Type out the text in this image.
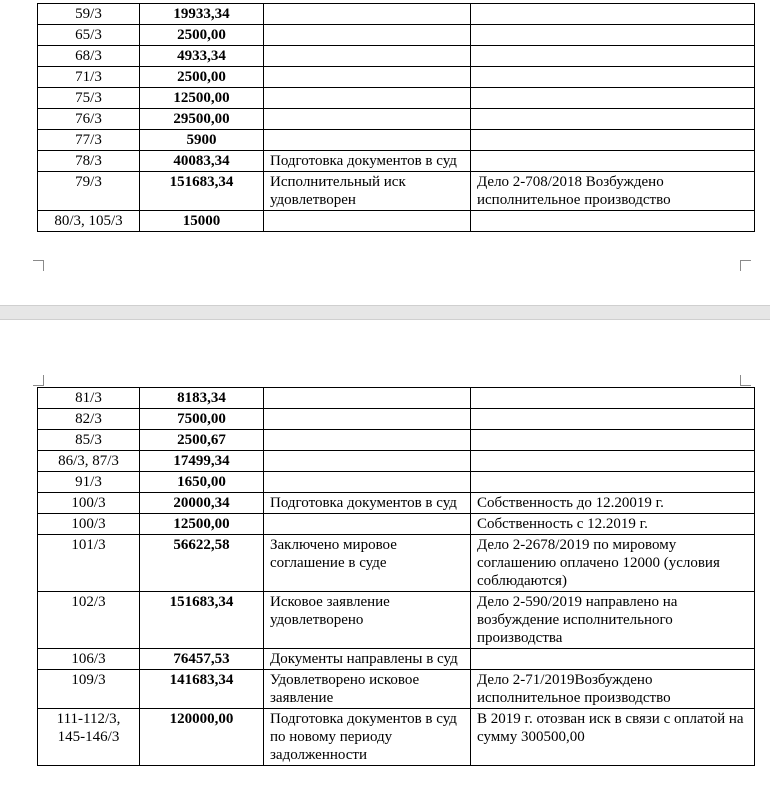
59/3	19933,34		
65/3	2500,00		
68/3	4933,34		
71/3	2500,00		
75/3	12500,00		
76/3	29500,00		
77/3	5900		
78/3	40083,34	Подготовка документов в суд	
79/3	151683,34	Исполнительный иск удовлетворен	Дело 2-708/2018 Возбуждено исполнительное производство
80/3, 105/3	15000		
81/3	8183,34		
82/3	7500,00		
85/3	2500,67		
86/3, 87/3	17499,34		
91/3	1650,00		
100/3	20000,34	Подготовка документов в суд	Собственность до 12.20019 г.
100/3	12500,00		Собственность с 12.2019 г.
101/3	56622,58	Заключено мировое соглашение в суде	Дело 2-2678/2019 по мировому соглашению оплачено 12000 (условия соблюдаются)
102/3	151683,34	Исковое заявление удовлетворено	Дело 2-590/2019 направлено на возбуждение исполнительного производства
106/3	76457,53	Документы направлены в суд	
109/3	141683,34	Удовлетворено исковое заявление	Дело 2-71/2019Возбуждено исполнительное производство
111-112/3, 145-146/3	120000,00	Подготовка документов в суд по новому периоду задолженности	В 2019 г. отозван иск в связи с оплатой на сумму 300500,00
